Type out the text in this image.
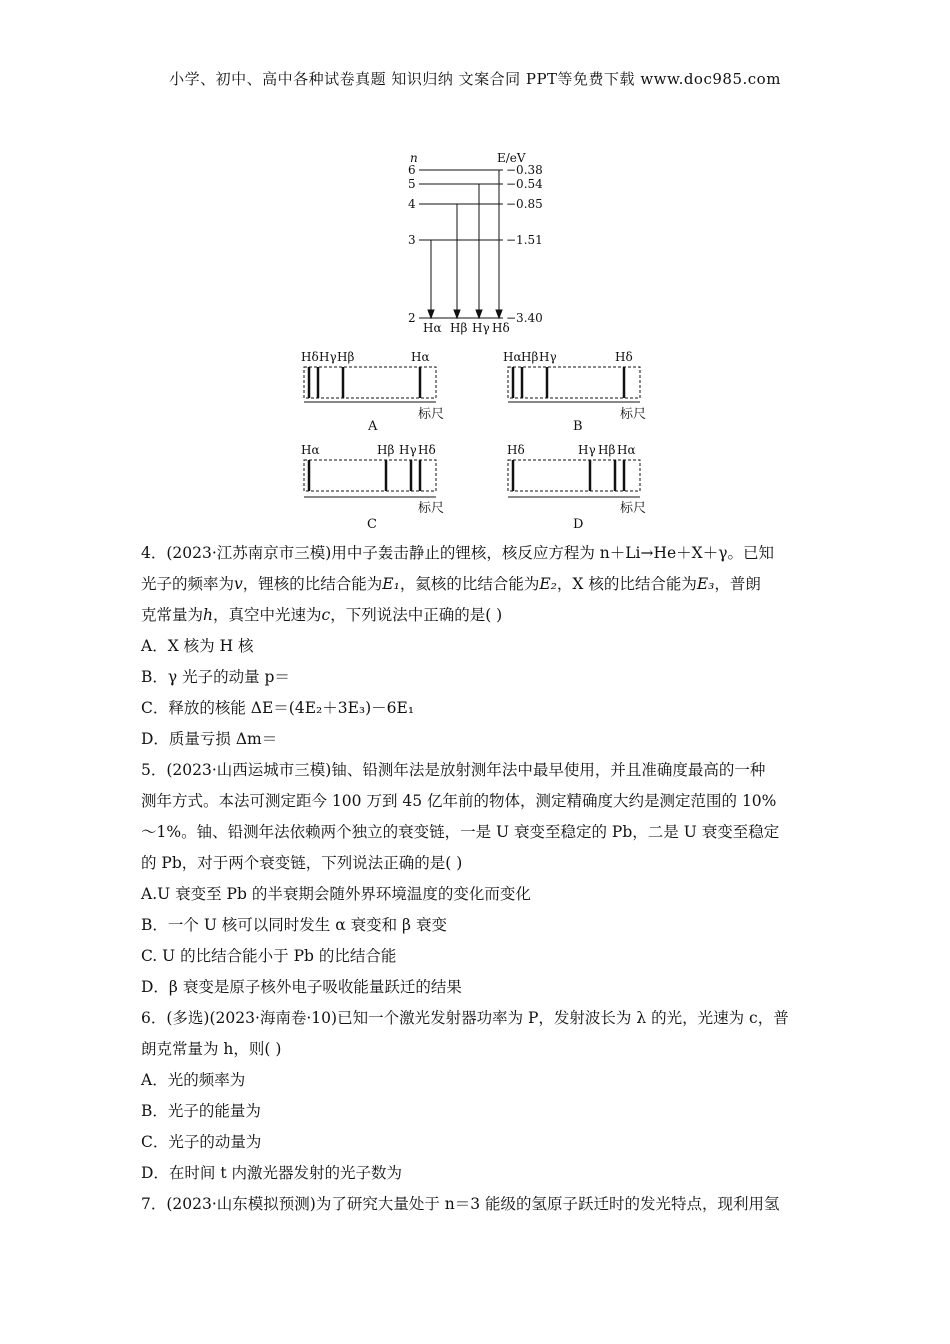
小学、初中、高中各种试卷真题 知识归纳 文案合同 PPT等免费下载 www.doc985.com
n	E/eV
6
5
4
3
2
−0.38
−0.54
−0.85
−1.51
−3.40
Hα Hβ Hγ Hδ
Hδ Hγ Hβ	Hα
标尺
A
Hα Hβ Hγ	Hδ
标尺
B
Hα	Hβ Hγ Hδ
标尺
C
Hδ	Hγ Hβ Hα
标尺
D
4．(2023·江苏南京市三模)用中子轰击静止的锂核，核反应方程为 n＋Li→He＋X＋γ。已知
光子的频率为v，锂核的比结合能为E₁，氦核的比结合能为E₂，X 核的比结合能为E₃，普朗
克常量为h，真空中光速为c，下列说法中正确的是( )
A．X 核为 H 核
B．γ 光子的动量 p＝
C．释放的核能 ΔE＝(4E₂＋3E₃)－6E₁
D．质量亏损 Δm＝
5．(2023·山西运城市三模)铀、铅测年法是放射测年法中最早使用，并且准确度最高的一种
测年方式。本法可测定距今 100 万到 45 亿年前的物体，测定精确度大约是测定范围的 10%
～1%。铀、铅测年法依赖两个独立的衰变链，一是 U 衰变至稳定的 Pb，二是 U 衰变至稳定
的 Pb，对于两个衰变链，下列说法正确的是( )
A.U 衰变至 Pb 的半衰期会随外界环境温度的变化而变化
B．一个 U 核可以同时发生 α 衰变和 β 衰变
C. U 的比结合能小于 Pb 的比结合能
D．β 衰变是原子核外电子吸收能量跃迁的结果
6．(多选)(2023·海南卷·10)已知一个激光发射器功率为 P，发射波长为 λ 的光，光速为 c，普
朗克常量为 h，则( )
A．光的频率为
B．光子的能量为
C．光子的动量为
D．在时间 t 内激光器发射的光子数为
7．(2023·山东模拟预测)为了研究大量处于 n＝3 能级的氢原子跃迁时的发光特点，现利用氢
